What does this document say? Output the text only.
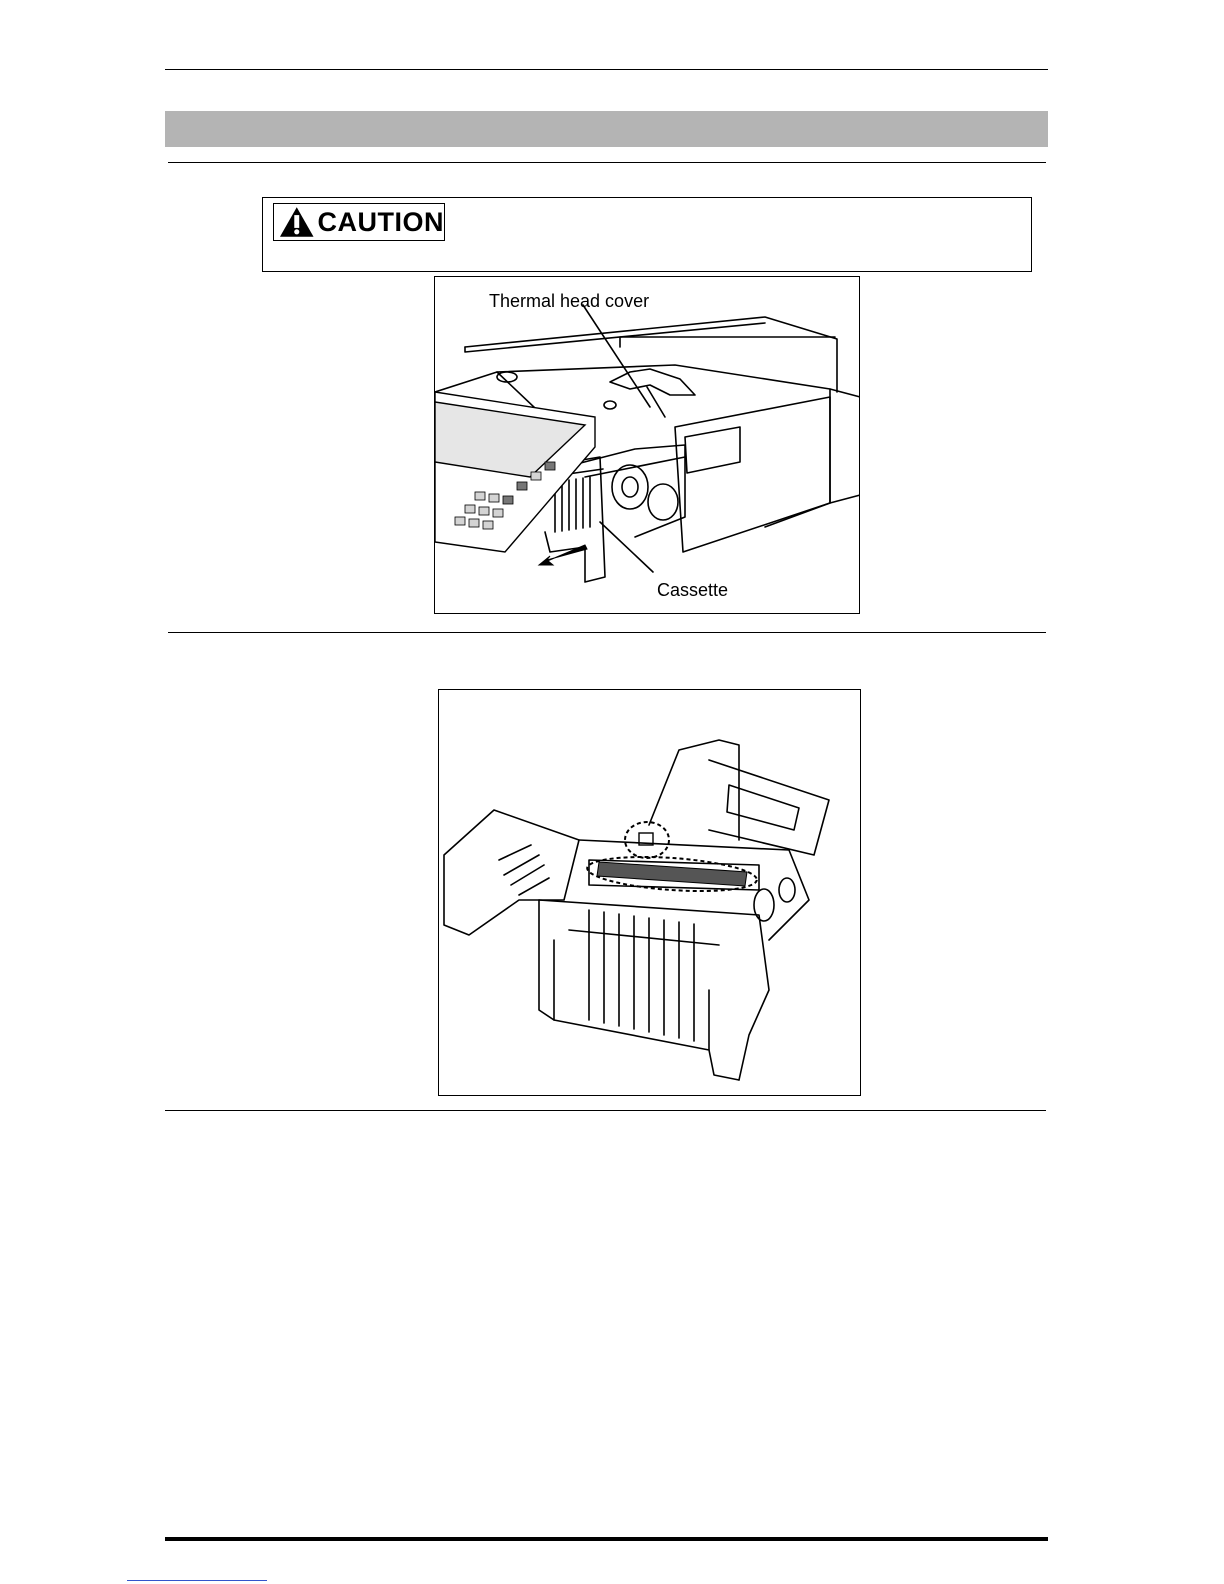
CAUTION
Thermal head cover
Cassette
